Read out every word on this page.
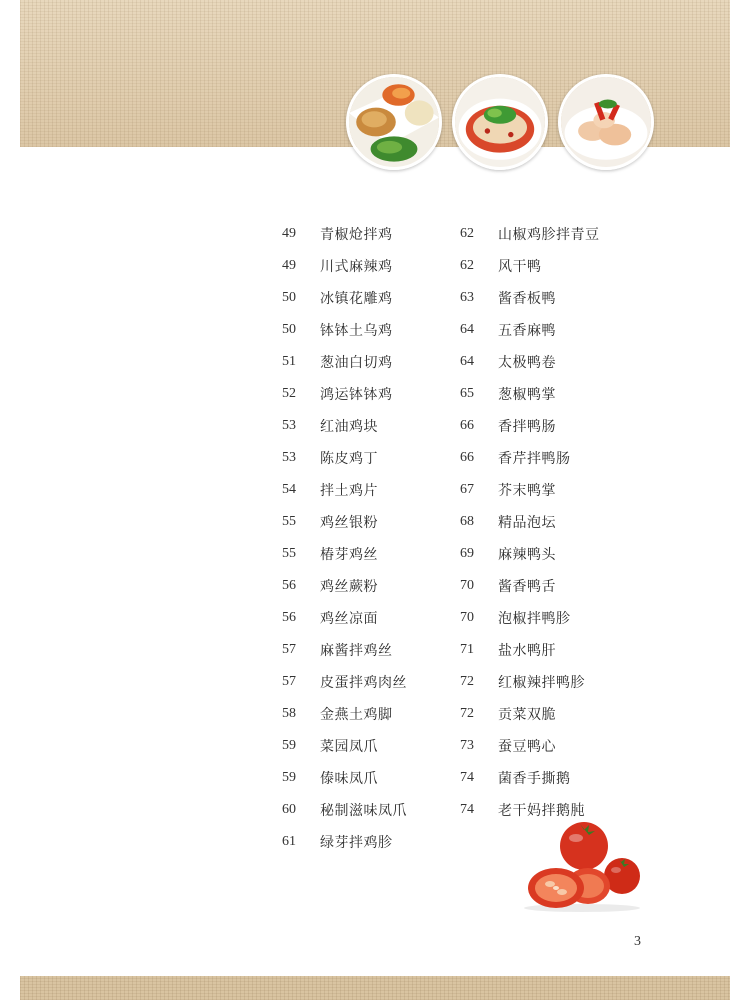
49	青椒炝拌鸡
49	川式麻辣鸡
50	冰镇花雕鸡
50	钵钵土乌鸡
51	葱油白切鸡
52	鸿运钵钵鸡
53	红油鸡块
53	陈皮鸡丁
54	拌土鸡片
55	鸡丝银粉
55	椿芽鸡丝
56	鸡丝蕨粉
56	鸡丝凉面
57	麻酱拌鸡丝
57	皮蛋拌鸡肉丝
58	金燕土鸡脚
59	菜园凤爪
59	傣味凤爪
60	秘制滋味凤爪
61	绿芽拌鸡胗
62	山椒鸡胗拌青豆
62	风干鸭
63	酱香板鸭
64	五香麻鸭
64	太极鸭卷
65	葱椒鸭掌
66	香拌鸭肠
66	香芹拌鸭肠
67	芥末鸭掌
68	精品泡坛
69	麻辣鸭头
70	酱香鸭舌
70	泡椒拌鸭胗
71	盐水鸭肝
72	红椒辣拌鸭胗
72	贡菜双脆
73	蚕豆鸭心
74	菌香手撕鹅
74	老干妈拌鹅肫
3
